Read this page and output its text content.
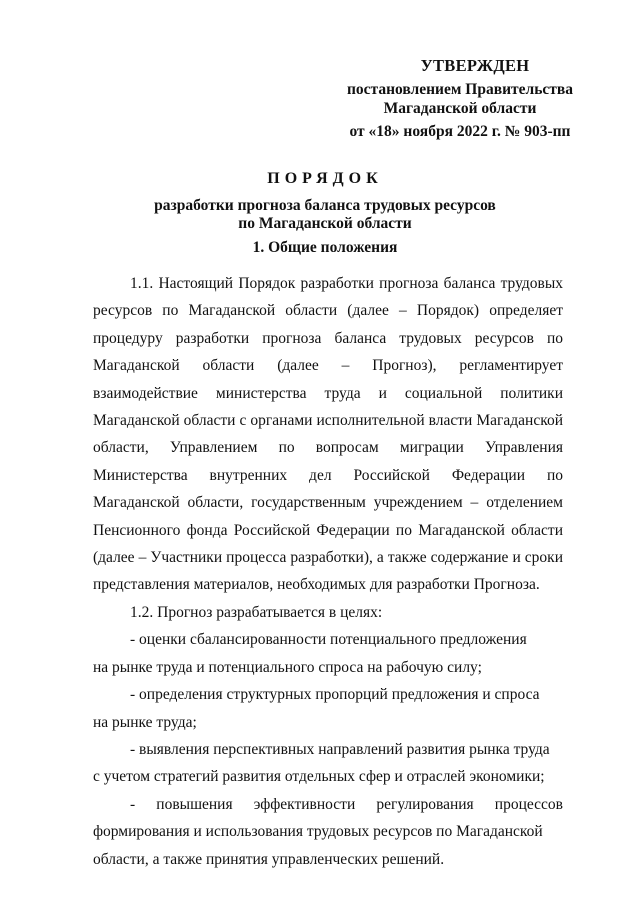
УТВЕРЖДЕН
постановлением Правительства
Магаданской области
от «18» ноября 2022 г. № 903-пп
ПОРЯДОК
разработки прогноза баланса трудовых ресурсов
по Магаданской области
1. Общие положения

1.1. Настоящий Порядок разработки прогноза баланса трудовых ресурсов по Магаданской области (далее – Порядок) определяет процедуру разработки прогноза баланса трудовых ресурсов по Магаданской области (далее – Прогноз), регламентирует взаимодействие министерства труда и социальной политики Магаданской области с органами исполнительной власти Магаданской области, Управлением по вопросам миграции Управления Министерства внутренних дел Российской Федерации по Магаданской области, государственным учреждением – отделением Пенсионного фонда Российской Федерации по Магаданской области (далее – Участники процесса разработки), а также содержание и сроки представления материалов, необходимых для разработки Прогноза.

1.2. Прогноз разрабатывается в целях:

- оценки сбалансированности потенциального предложения

на рынке труда и потенциального спроса на рабочую силу;

- определения структурных пропорций предложения и спроса

на рынке труда;

- выявления перспективных направлений развития рынка труда

с учетом стратегий развития отдельных сфер и отраслей экономики;

- повышения эффективности регулирования процессов формирования и использования трудовых ресурсов по Магаданской

области, а также принятия управленческих решений.
